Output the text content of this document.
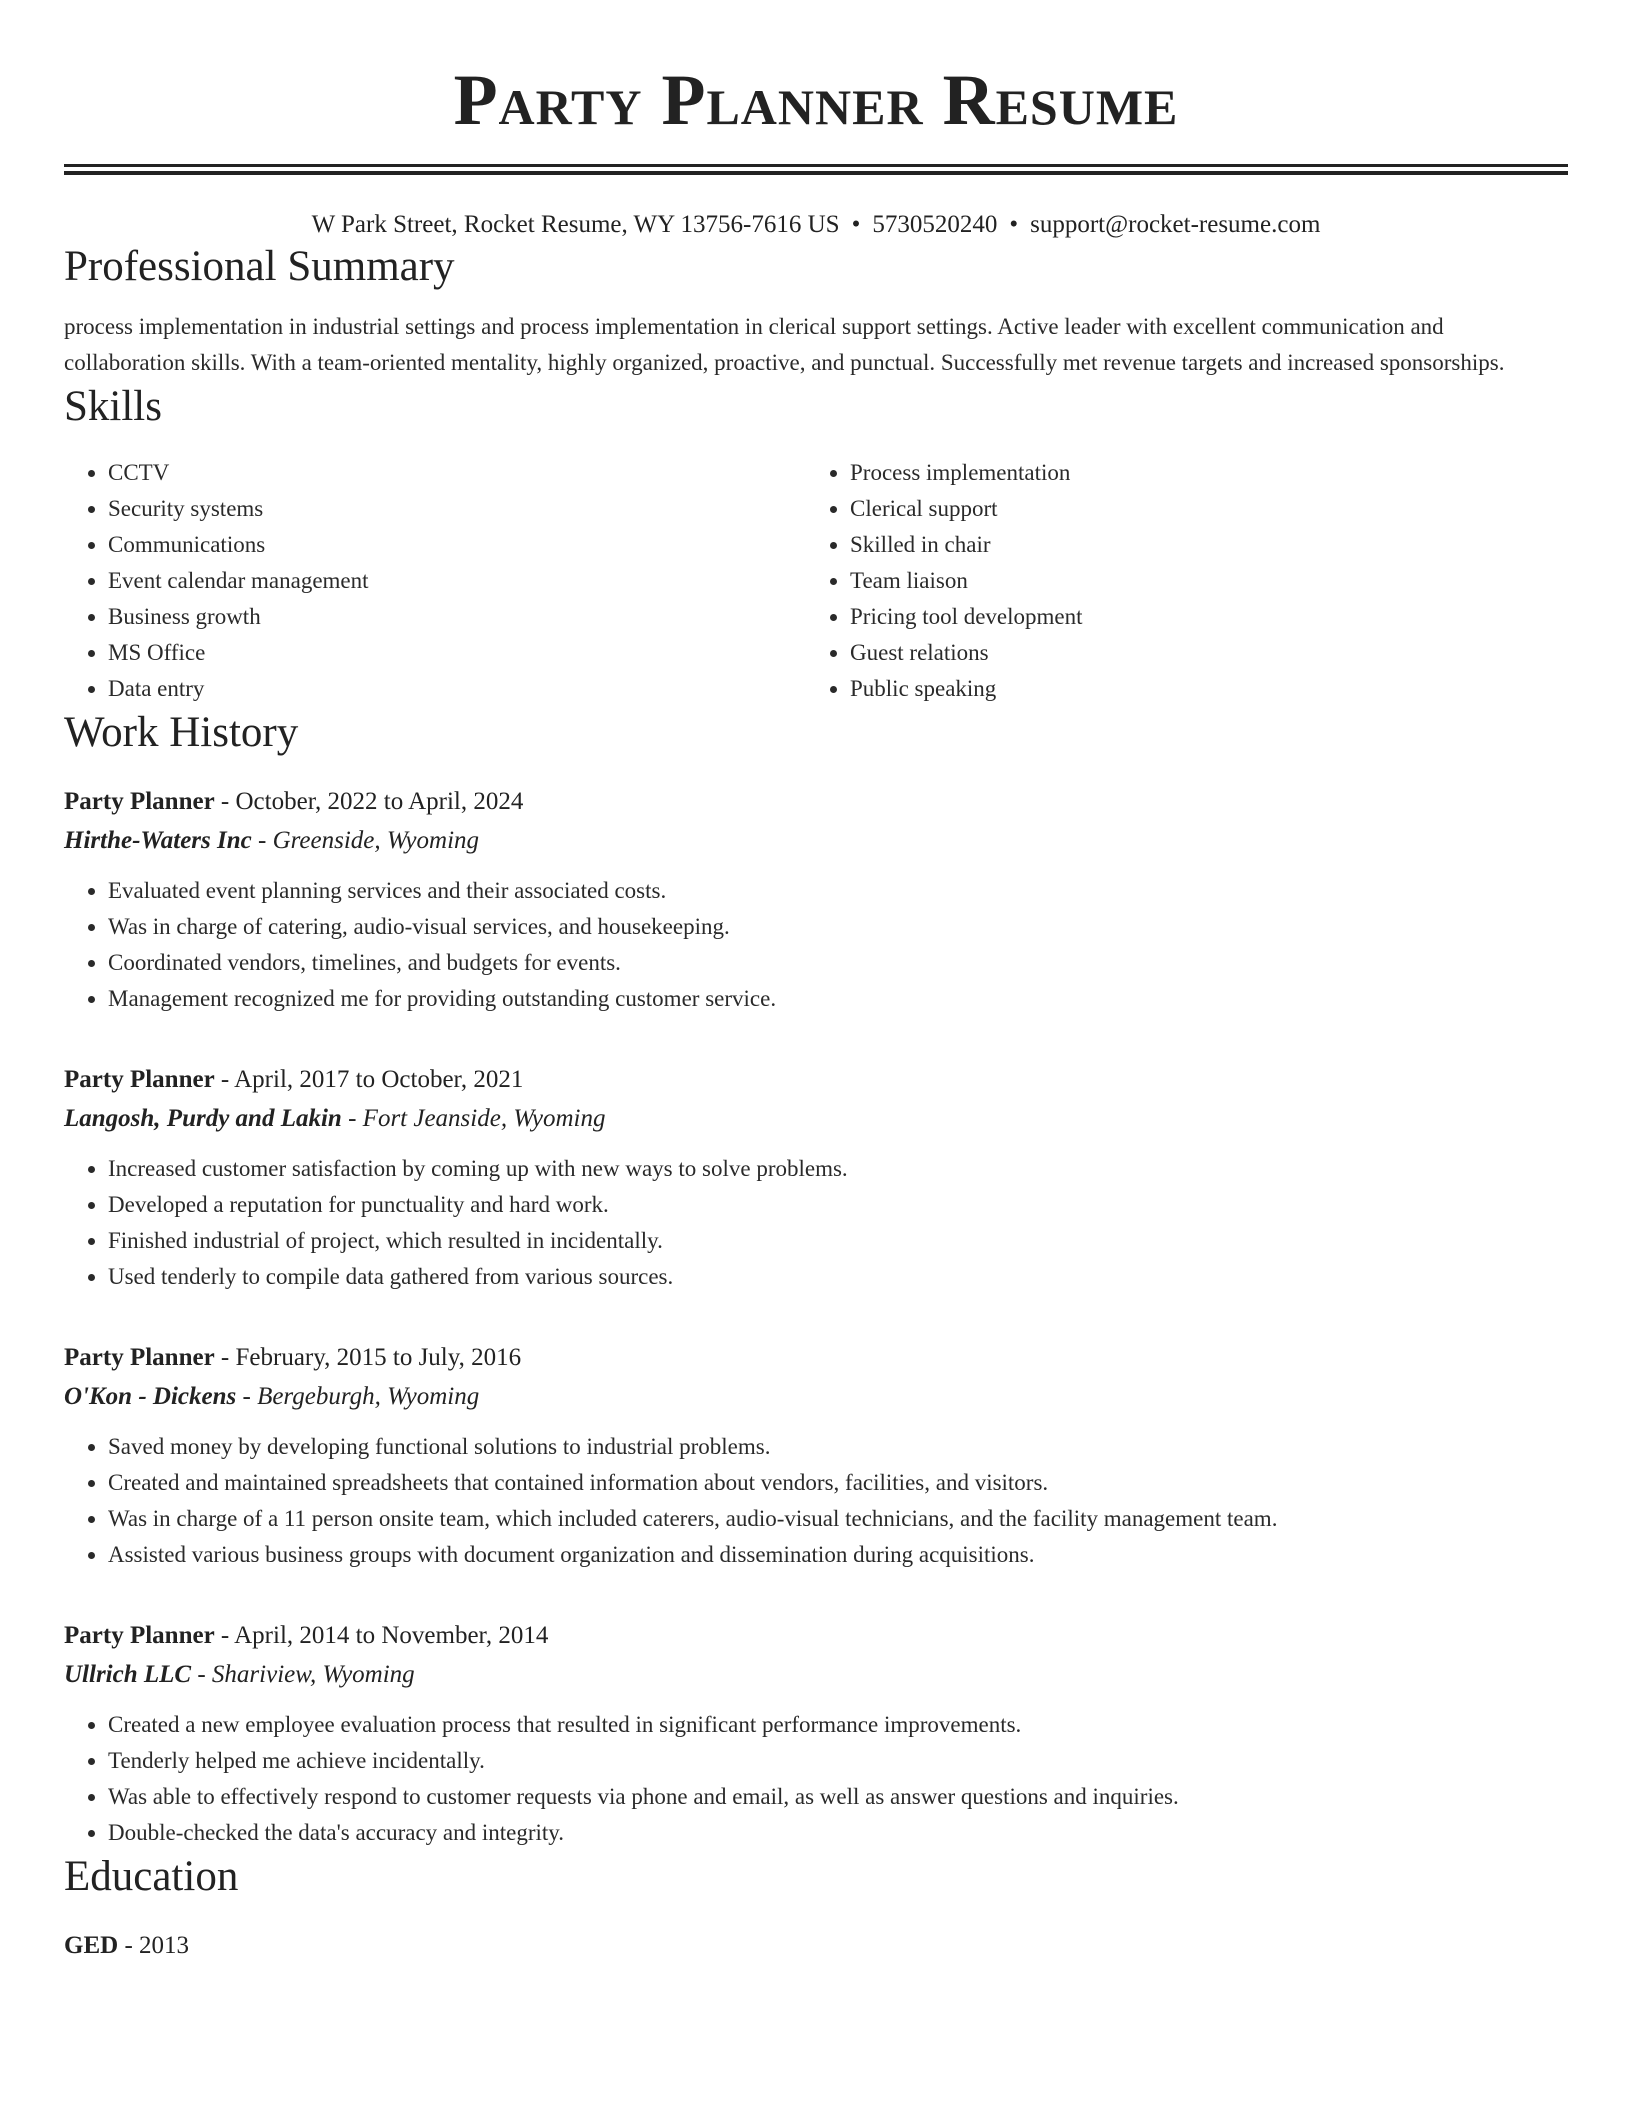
Party Planner Resume
W Park Street, Rocket Resume, WY 13756-7616 US • 5730520240 • support@rocket-resume.com
Professional Summary
process implementation in industrial settings and process implementation in clerical support settings. Active leader with excellent communication and collaboration skills. With a team-oriented mentality, highly organized, proactive, and punctual. Successfully met revenue targets and increased sponsorships.
Skills
• CCTV
• Security systems
• Communications
• Event calendar management
• Business growth
• MS Office
• Data entry
• Process implementation
• Clerical support
• Skilled in chair
• Team liaison
• Pricing tool development
• Guest relations
• Public speaking
Work History
Party Planner - October, 2022 to April, 2024
Hirthe-Waters Inc - Greenside, Wyoming
• Evaluated event planning services and their associated costs.
• Was in charge of catering, audio-visual services, and housekeeping.
• Coordinated vendors, timelines, and budgets for events.
• Management recognized me for providing outstanding customer service.
Party Planner - April, 2017 to October, 2021
Langosh, Purdy and Lakin - Fort Jeanside, Wyoming
• Increased customer satisfaction by coming up with new ways to solve problems.
• Developed a reputation for punctuality and hard work.
• Finished industrial of project, which resulted in incidentally.
• Used tenderly to compile data gathered from various sources.
Party Planner - February, 2015 to July, 2016
O'Kon - Dickens - Bergeburgh, Wyoming
• Saved money by developing functional solutions to industrial problems.
• Created and maintained spreadsheets that contained information about vendors, facilities, and visitors.
• Was in charge of a 11 person onsite team, which included caterers, audio-visual technicians, and the facility management team.
• Assisted various business groups with document organization and dissemination during acquisitions.
Party Planner - April, 2014 to November, 2014
Ullrich LLC - Shariview, Wyoming
• Created a new employee evaluation process that resulted in significant performance improvements.
• Tenderly helped me achieve incidentally.
• Was able to effectively respond to customer requests via phone and email, as well as answer questions and inquiries.
• Double-checked the data's accuracy and integrity.
Education
GED - 2013
